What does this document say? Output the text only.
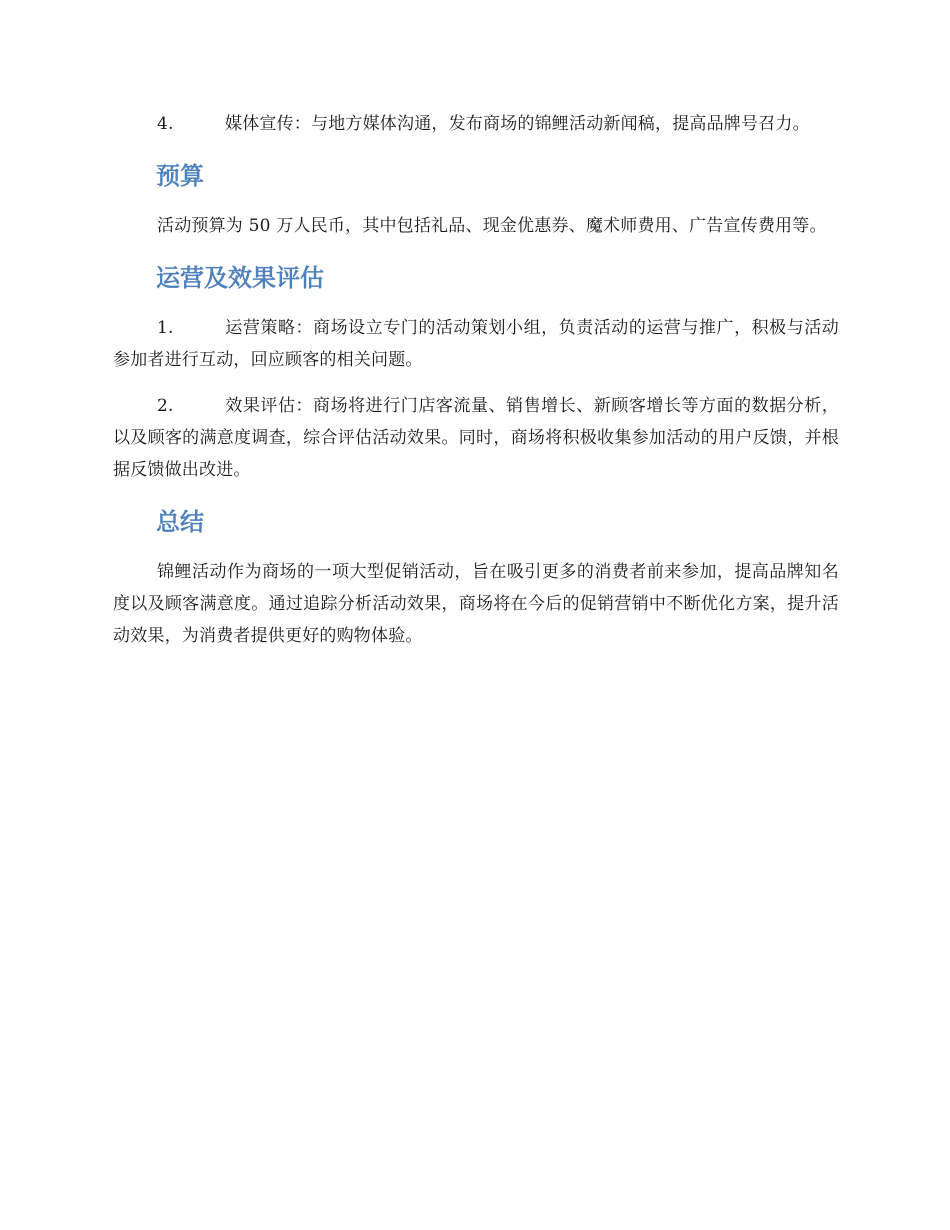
4.	媒体宣传：与地方媒体沟通，发布商场的锦鲤活动新闻稿，提高品牌号召力。

预算

活动预算为 50 万人民币，其中包括礼品、现金优惠券、魔术师费用、广告宣传费用等。

运营及效果评估

1.	运营策略：商场设立专门的活动策划小组，负责活动的运营与推广，积极与活动参加者进行互动，回应顾客的相关问题。

2.	效果评估：商场将进行门店客流量、销售增长、新顾客增长等方面的数据分析，以及顾客的满意度调查，综合评估活动效果。同时，商场将积极收集参加活动的用户反馈，并根据反馈做出改进。

总结

锦鲤活动作为商场的一项大型促销活动，旨在吸引更多的消费者前来参加，提高品牌知名度以及顾客满意度。通过追踪分析活动效果，商场将在今后的促销营销中不断优化方案，提升活动效果，为消费者提供更好的购物体验。
